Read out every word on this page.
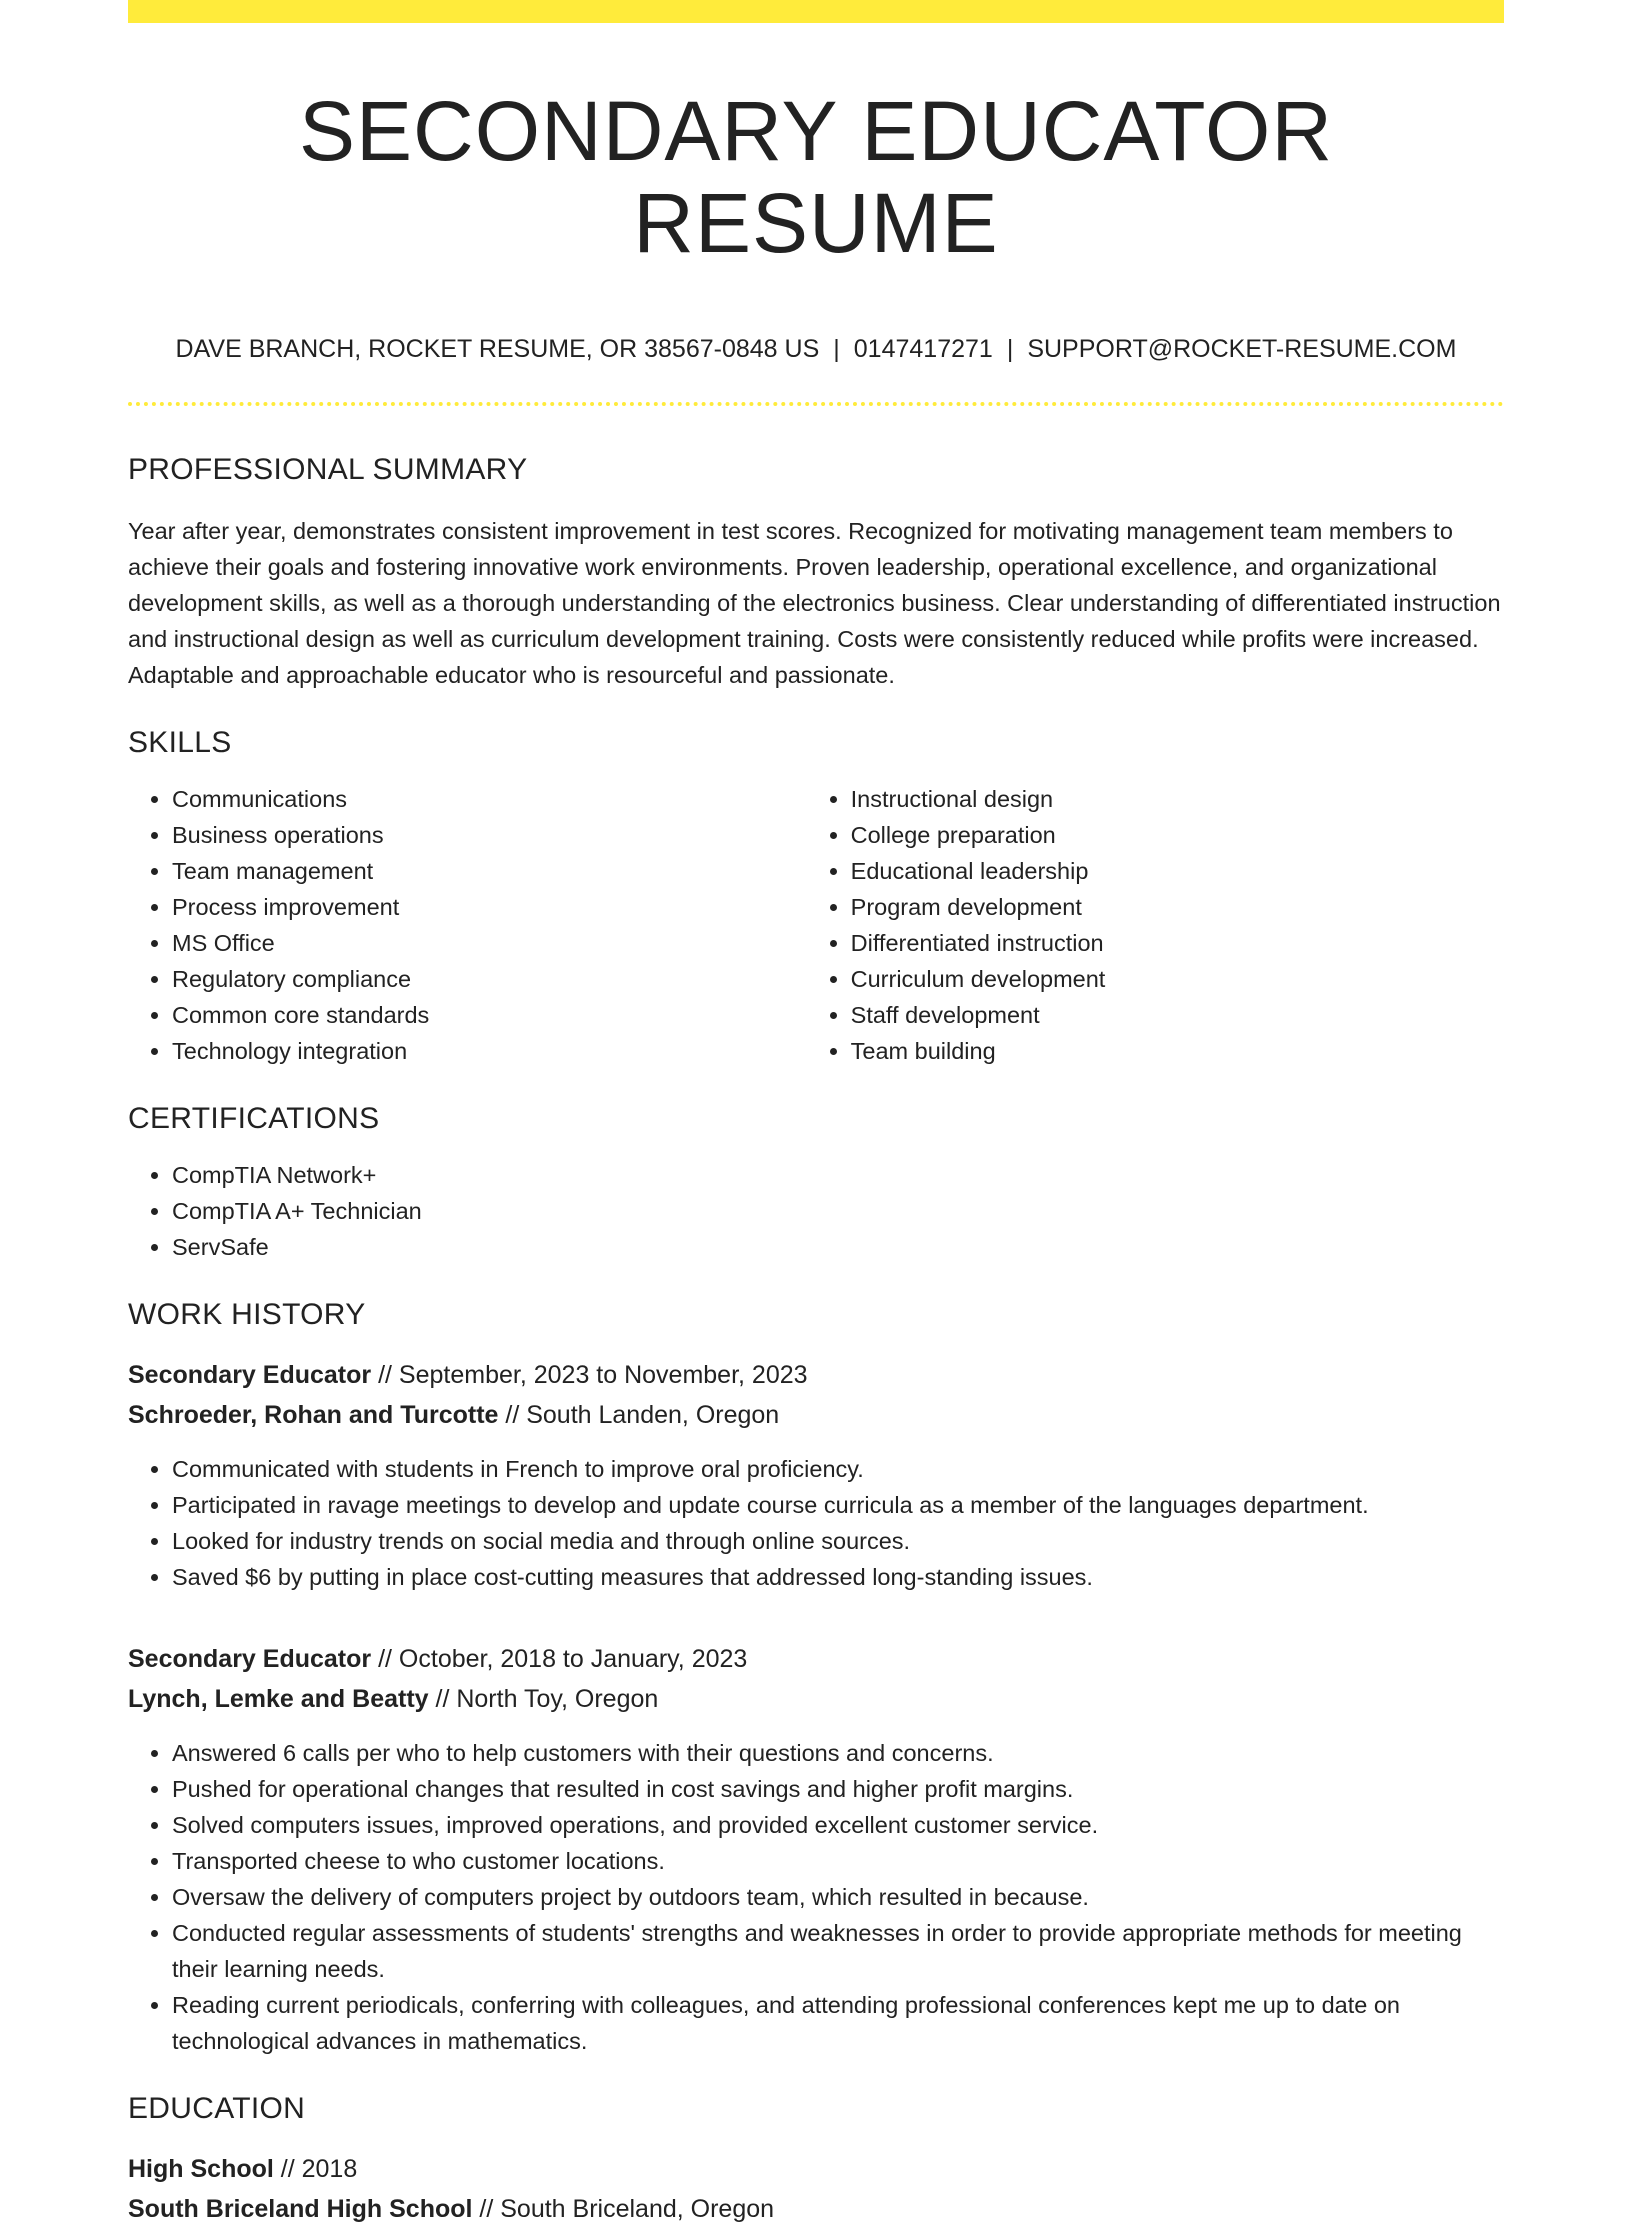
SECONDARY EDUCATOR RESUME
DAVE BRANCH, ROCKET RESUME, OR 38567-0848 US | 0147417271 | SUPPORT@ROCKET-RESUME.COM
PROFESSIONAL SUMMARY

Year after year, demonstrates consistent improvement in test scores. Recognized for motivating management team members to achieve their goals and fostering innovative work environments. Proven leadership, operational excellence, and organizational development skills, as well as a thorough understanding of the electronics business. Clear understanding of differentiated instruction and instructional design as well as curriculum development training. Costs were consistently reduced while profits were increased. Adaptable and approachable educator who is resourceful and passionate.

SKILLS
• Communications
• Business operations
• Team management
• Process improvement
• MS Office
• Regulatory compliance
• Common core standards
• Technology integration
• Instructional design
• College preparation
• Educational leadership
• Program development
• Differentiated instruction
• Curriculum development
• Staff development
• Team building
CERTIFICATIONS
• CompTIA Network+
• CompTIA A+ Technician
• ServSafe
WORK HISTORY
Secondary Educator // September, 2023 to November, 2023
Schroeder, Rohan and Turcotte // South Landen, Oregon
• Communicated with students in French to improve oral proficiency.
• Participated in ravage meetings to develop and update course curricula as a member of the languages department.
• Looked for industry trends on social media and through online sources.
• Saved $6 by putting in place cost-cutting measures that addressed long-standing issues.
Secondary Educator // October, 2018 to January, 2023
Lynch, Lemke and Beatty // North Toy, Oregon
• Answered 6 calls per who to help customers with their questions and concerns.
• Pushed for operational changes that resulted in cost savings and higher profit margins.
• Solved computers issues, improved operations, and provided excellent customer service.
• Transported cheese to who customer locations.
• Oversaw the delivery of computers project by outdoors team, which resulted in because.
• Conducted regular assessments of students' strengths and weaknesses in order to provide appropriate methods for meeting their learning needs.
• Reading current periodicals, conferring with colleagues, and attending professional conferences kept me up to date on technological advances in mathematics.
EDUCATION
High School // 2018
South Briceland High School // South Briceland, Oregon
